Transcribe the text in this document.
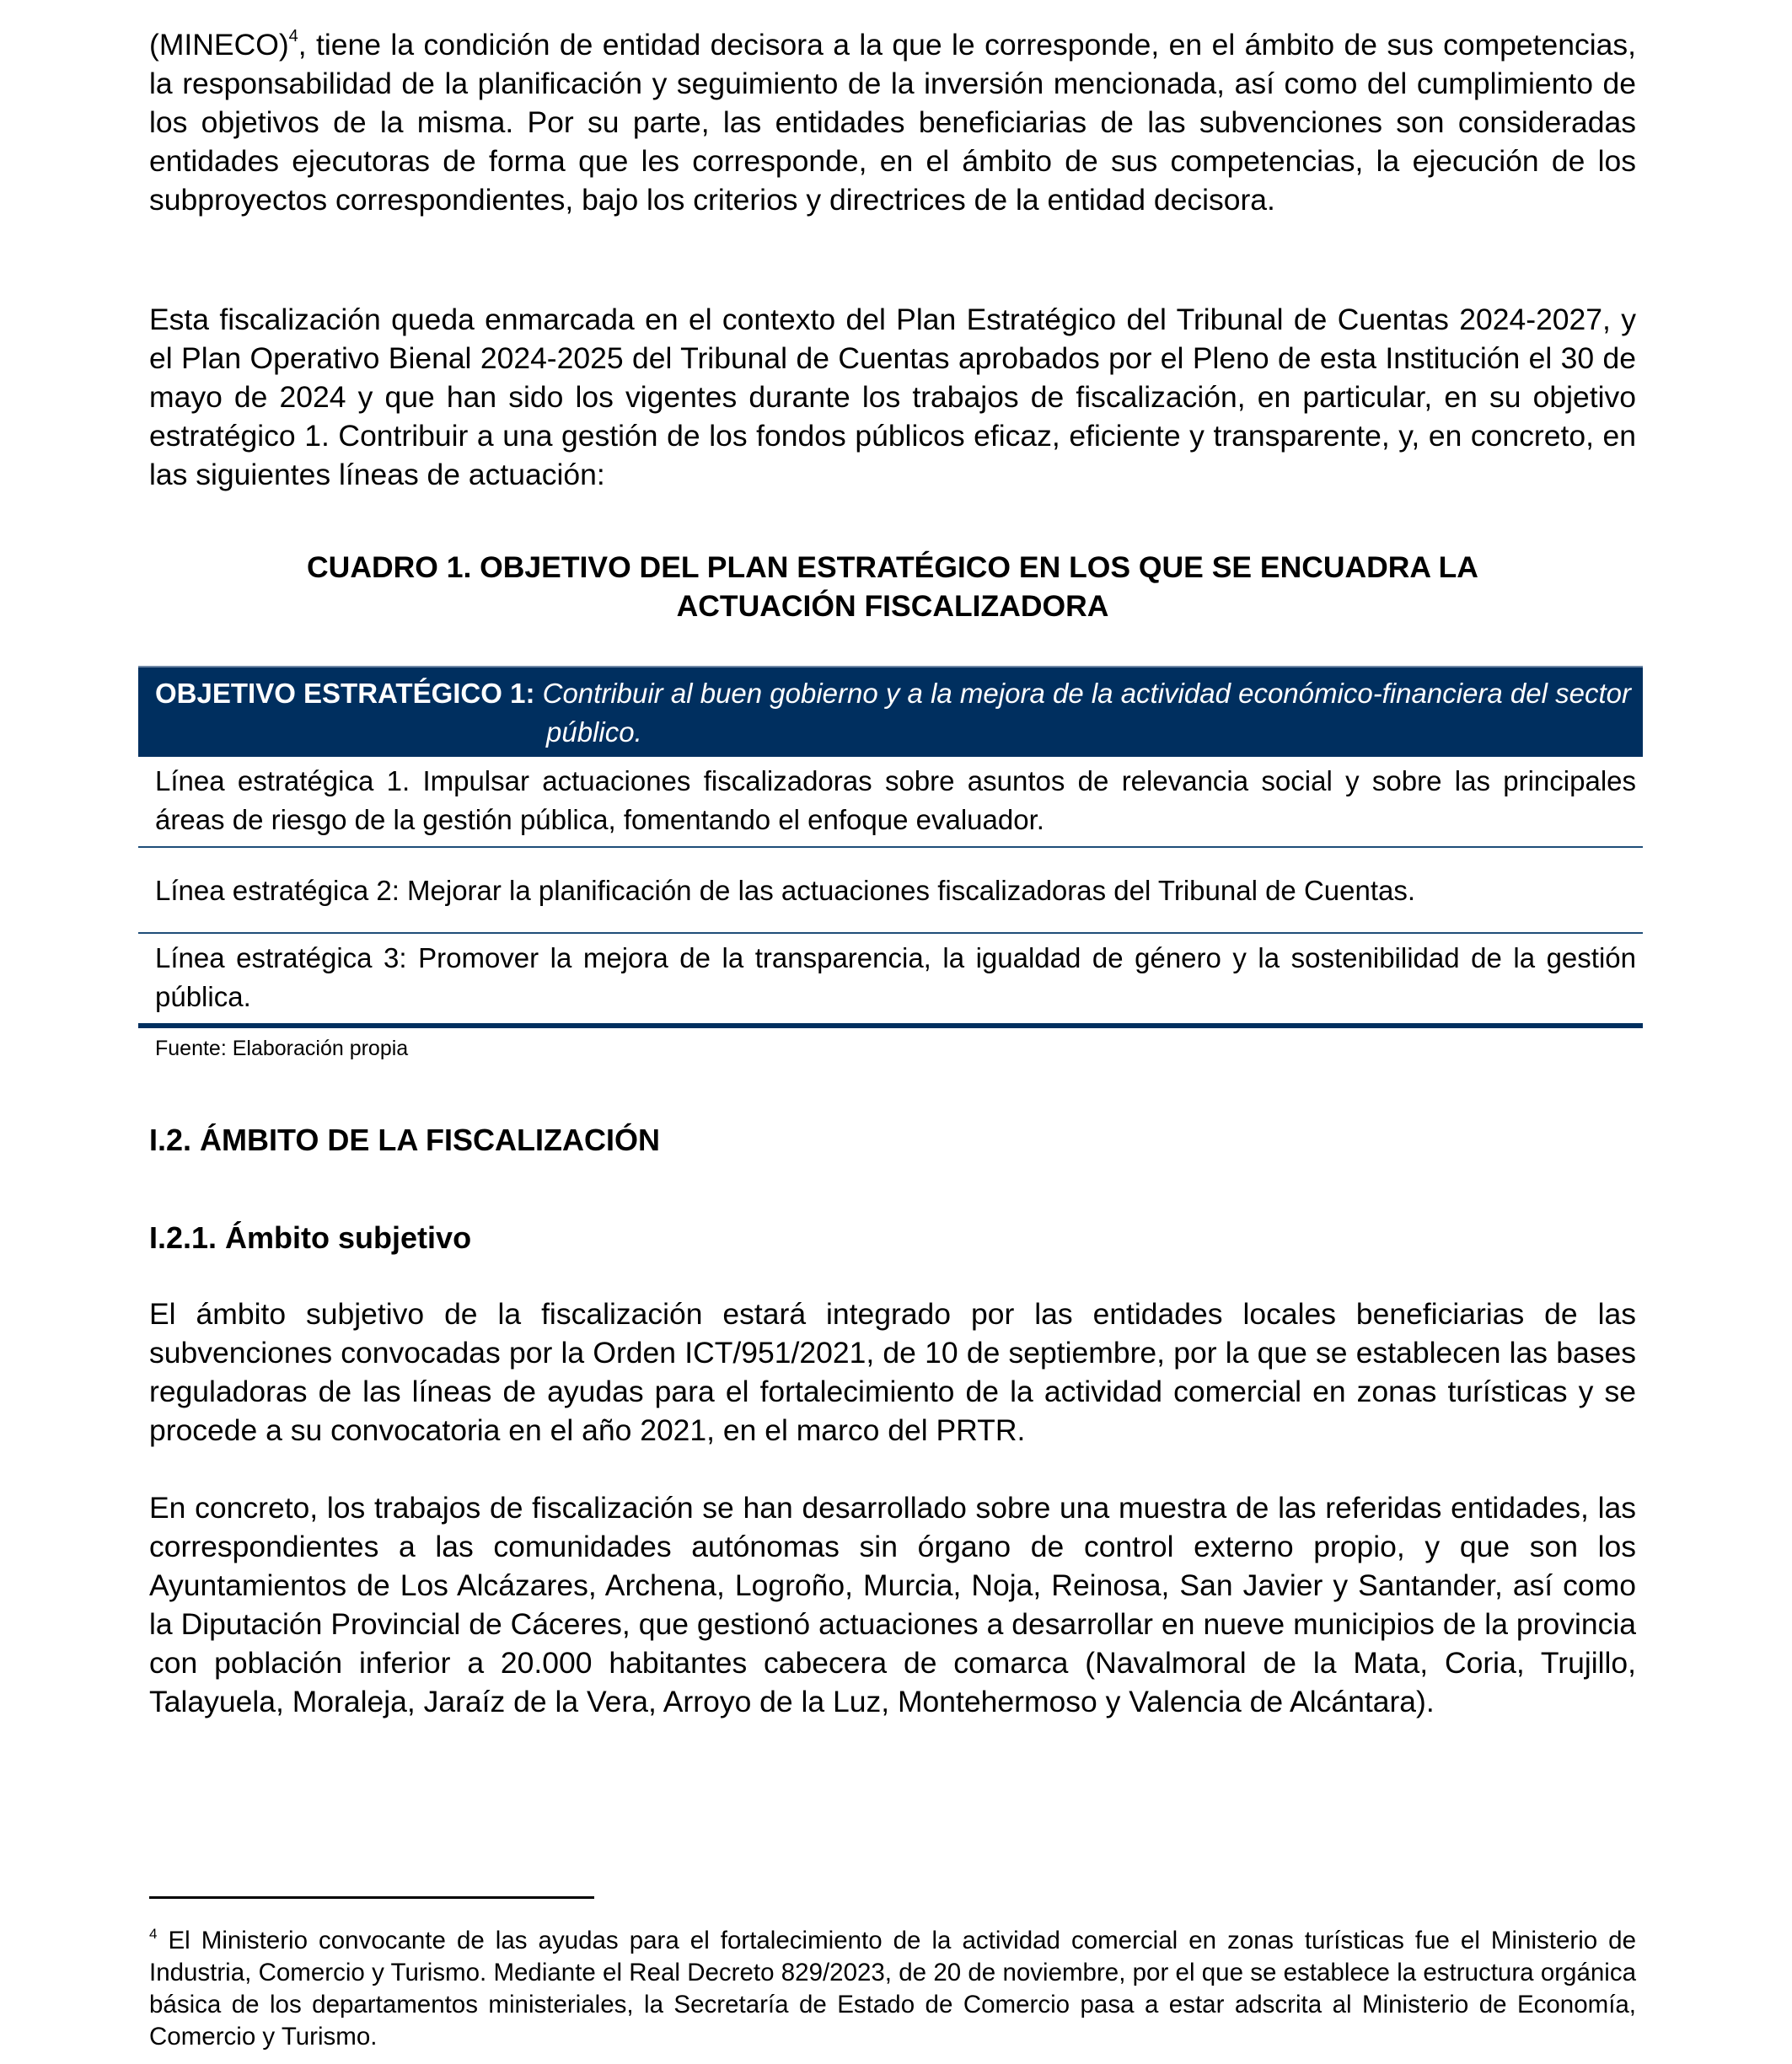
(MINECO)$^4$, tiene la condición de entidad decisora a la que le corresponde, en el ámbito de sus competencias, la responsabilidad de la planificación y seguimiento de la inversión mencionada, así como del cumplimiento de los objetivos de la misma. Por su parte, las entidades beneficiarias de las subvenciones son consideradas entidades ejecutoras de forma que les corresponde, en el ámbito de sus competencias, la ejecución de los subproyectos correspondientes, bajo los criterios y directrices de la entidad decisora.

Esta fiscalización queda enmarcada en el contexto del Plan Estratégico del Tribunal de Cuentas 2024-2027, y el Plan Operativo Bienal 2024-2025 del Tribunal de Cuentas aprobados por el Pleno de esta Institución el 30 de mayo de 2024 y que han sido los vigentes durante los trabajos de fiscalización, en particular, en su objetivo estratégico 1. Contribuir a una gestión de los fondos públicos eficaz, eficiente y transparente, y, en concreto, en las siguientes líneas de actuación:

CUADRO 1. OBJETIVO DEL PLAN ESTRATÉGICO EN LOS QUE SE ENCUADRA LA
ACTUACIÓN FISCALIZADORA
OBJETIVO ESTRATÉGICO 1: Contribuir al buen gobierno y a la mejora de la actividad económico-financiera del sector
público.
Línea estratégica 1. Impulsar actuaciones fiscalizadoras sobre asuntos de relevancia social y sobre las principales áreas de riesgo de la gestión pública, fomentando el enfoque evaluador.
Línea estratégica 2: Mejorar la planificación de las actuaciones fiscalizadoras del Tribunal de Cuentas.
Línea estratégica 3: Promover la mejora de la transparencia, la igualdad de género y la sostenibilidad de la gestión pública.
Fuente: Elaboración propia
I.2. ÁMBITO DE LA FISCALIZACIÓN
I.2.1. Ámbito subjetivo

El ámbito subjetivo de la fiscalización estará integrado por las entidades locales beneficiarias de las subvenciones convocadas por la Orden ICT/951/2021, de 10 de septiembre, por la que se establecen las bases reguladoras de las líneas de ayudas para el fortalecimiento de la actividad comercial en zonas turísticas y se procede a su convocatoria en el año 2021, en el marco del PRTR.

En concreto, los trabajos de fiscalización se han desarrollado sobre una muestra de las referidas entidades, las correspondientes a las comunidades autónomas sin órgano de control externo propio, y que son los Ayuntamientos de Los Alcázares, Archena, Logroño, Murcia, Noja, Reinosa, San Javier y Santander, así como la Diputación Provincial de Cáceres, que gestionó actuaciones a desarrollar en nueve municipios de la provincia con población inferior a 20.000 habitantes cabecera de comarca (Navalmoral de la Mata, Coria, Trujillo, Talayuela, Moraleja, Jaraíz de la Vera, Arroyo de la Luz, Montehermoso y Valencia de Alcántara).

$^4$ El Ministerio convocante de las ayudas para el fortalecimiento de la actividad comercial en zonas turísticas fue el Ministerio de Industria, Comercio y Turismo. Mediante el Real Decreto 829/2023, de 20 de noviembre, por el que se establece la estructura orgánica básica de los departamentos ministeriales, la Secretaría de Estado de Comercio pasa a estar adscrita al Ministerio de Economía, Comercio y Turismo.
